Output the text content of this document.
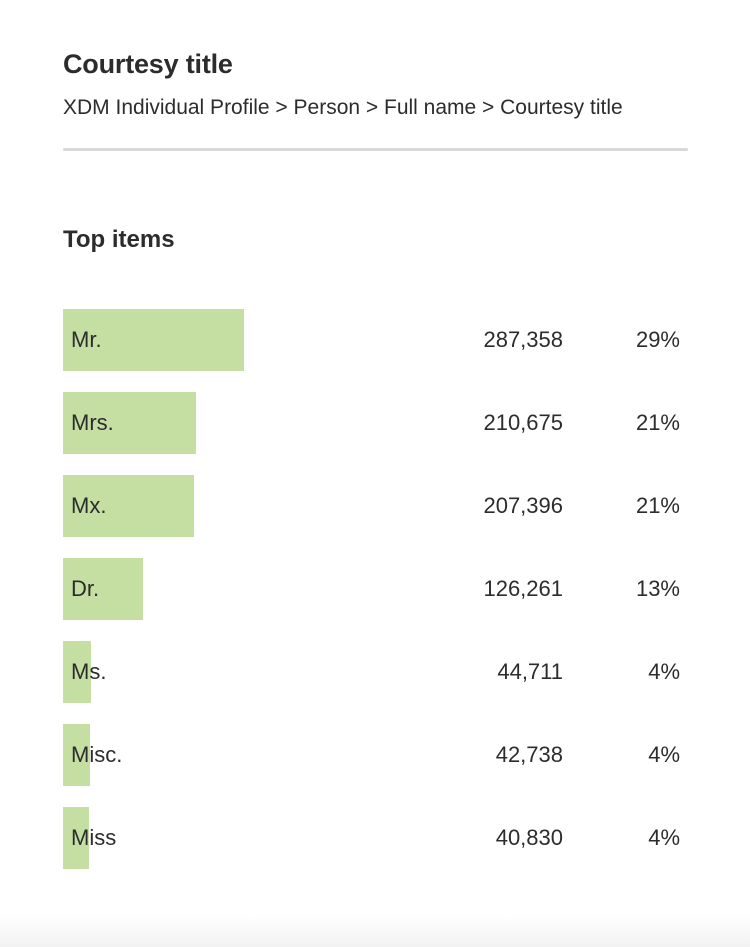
Courtesy title
XDM Individual Profile > Person > Full name > Courtesy title
Top items
Mr.	287,358	29%
Mrs.	210,675	21%
Mx.	207,396	21%
Dr.	126,261	13%
Ms.	44,711	4%
Misc.	42,738	4%
Miss	40,830	4%
